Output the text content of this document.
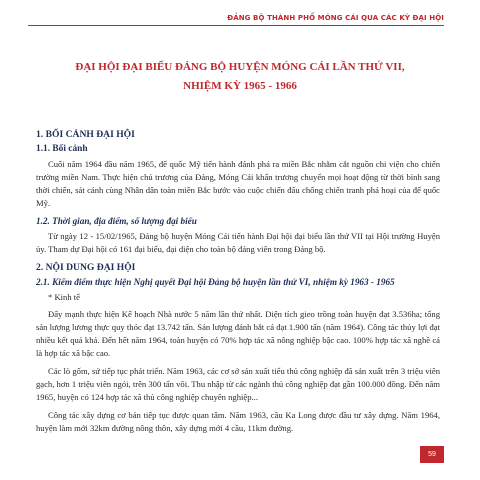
ĐẢNG BỘ THÀNH PHỐ MÓNG CÁI QUA CÁC KỲ ĐẠI HỘI
ĐẠI HỘI ĐẠI BIỂU ĐẢNG BỘ HUYỆN MÓNG CÁI LẦN THỨ VII,
NHIỆM KỲ 1965 - 1966
1. BỐI CẢNH ĐẠI HỘI
1.1. Bối cảnh
Cuối năm 1964 đầu năm 1965, đế quốc Mỹ tiến hành đánh phá ra miền Bắc nhằm cắt nguồn chi viện cho chiến trường miền Nam. Thực hiện chủ trương của Đảng, Móng Cái khẩn trương chuyển mọi hoạt động từ thời bình sang thời chiến, sát cánh cùng Nhân dân toàn miền Bắc bước vào cuộc chiến đấu chống chiến tranh phá hoại của đế quốc Mỹ.
1.2. Thời gian, địa điểm, số lượng đại biểu
Từ ngày 12 - 15/02/1965, Đảng bộ huyện Móng Cái tiến hành Đại hội đại biểu lần thứ VII tại Hội trường Huyện ủy. Tham dự Đại hội có 161 đại biểu, đại diện cho toàn bộ đảng viên trong Đảng bộ.
2. NỘI DUNG ĐẠI HỘI
2.1. Kiểm điểm thực hiện Nghị quyết Đại hội Đảng bộ huyện lần thứ VI, nhiệm kỳ 1963 - 1965
* Kinh tế
Đẩy mạnh thực hiện Kế hoạch Nhà nước 5 năm lần thứ nhất. Diện tích gieo trồng toàn huyện đạt 3.536ha; tổng sản lượng lương thực quy thóc đạt 13.742 tấn. Sản lượng đánh bắt cá đạt 1.900 tấn (năm 1964). Công tác thủy lợi đạt nhiều kết quả khá. Đến hết năm 1964, toàn huyện có 70% hợp tác xã nông nghiệp bậc cao. 100% hợp tác xã nghề cá là hợp tác xã bậc cao.
Các lò gốm, sứ tiếp tục phát triển. Năm 1963, các cơ sở sản xuất tiểu thủ công nghiệp đã sản xuất trên 3 triệu viên gạch, hơn 1 triệu viên ngói, trên 300 tấn vôi. Thu nhập từ các ngành thủ công nghiệp đạt gần 100.000 đồng. Đến năm 1965, huyện có 124 hợp tác xã thủ công nghiệp chuyên nghiệp...
Công tác xây dựng cơ bản tiếp tục được quan tâm. Năm 1963, cầu Ka Long được đầu tư xây dựng. Năm 1964, huyện làm mới 32km đường nông thôn, xây dựng mới 4 cầu, 11km đường.
59
